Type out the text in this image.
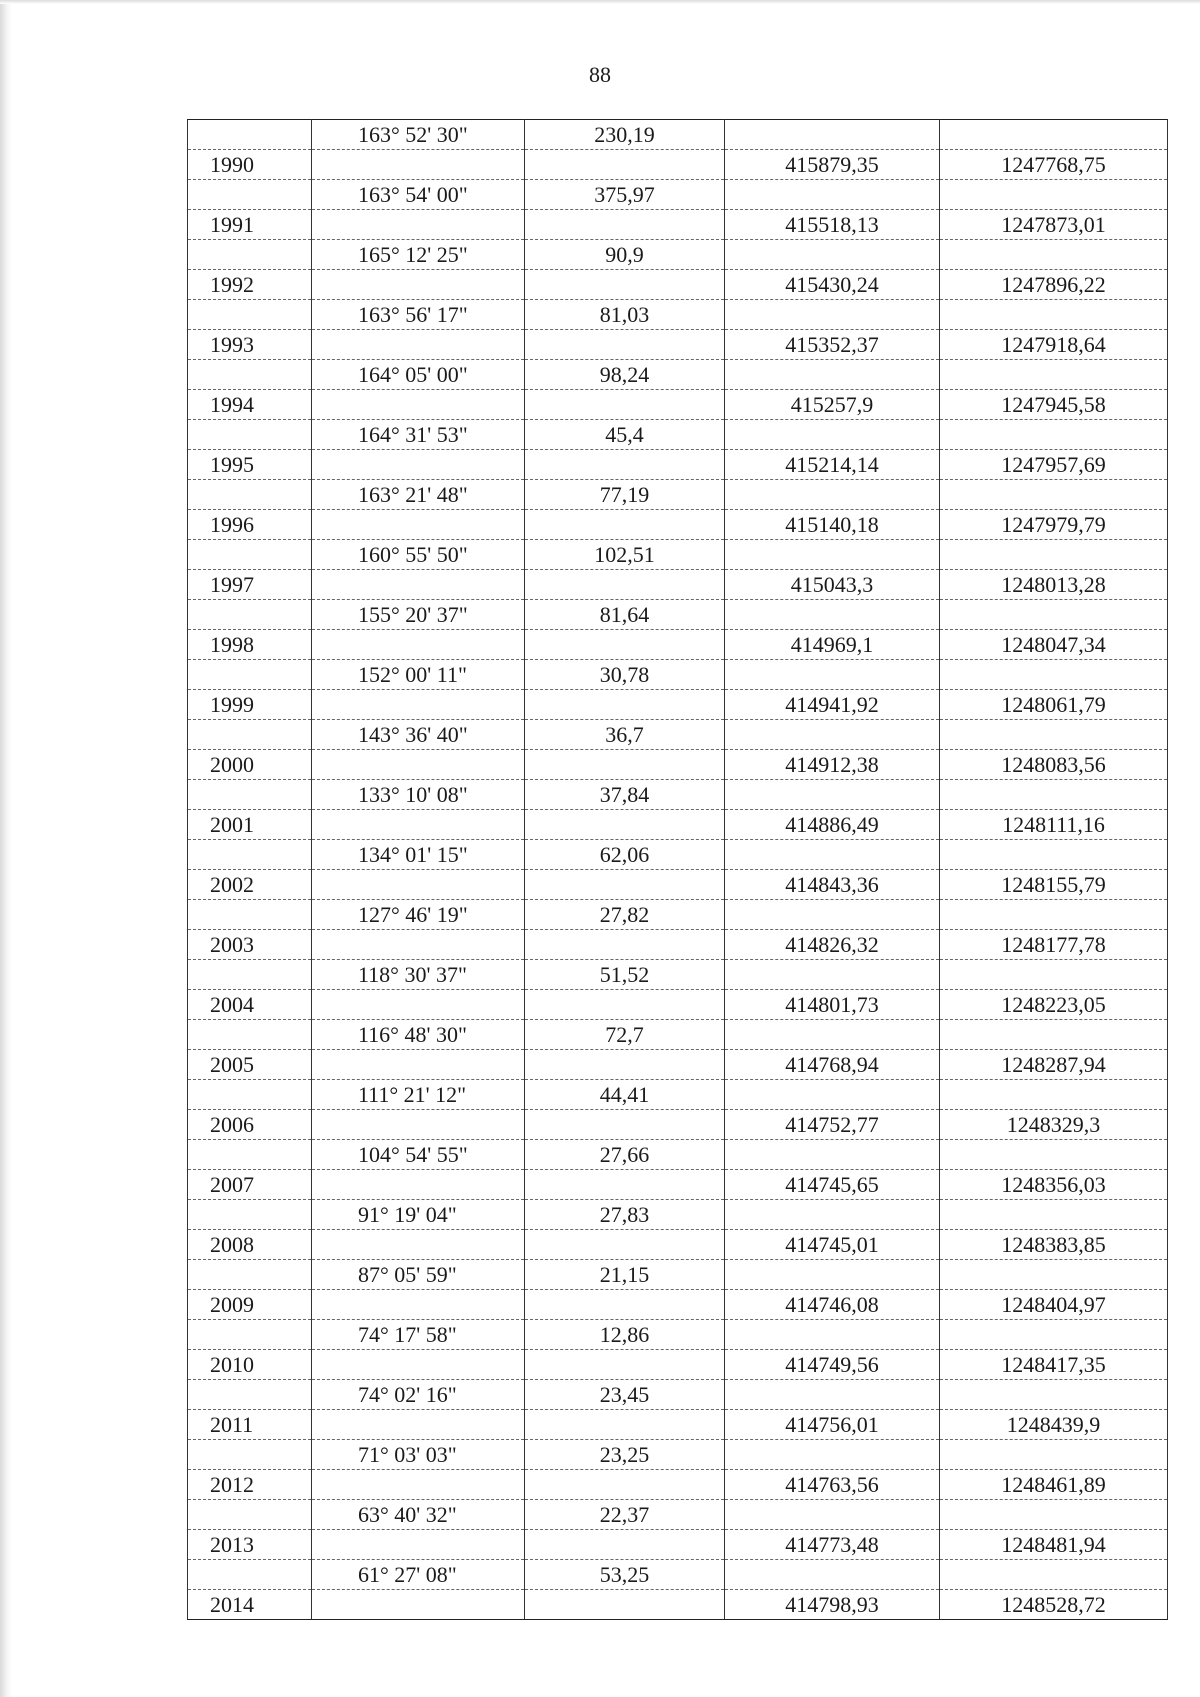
88
	163° 52' 30"	230,19		
1990			415879,35	1247768,75
	163° 54' 00"	375,97		
1991			415518,13	1247873,01
	165° 12' 25"	90,9		
1992			415430,24	1247896,22
	163° 56' 17"	81,03		
1993			415352,37	1247918,64
	164° 05' 00"	98,24		
1994			415257,9	1247945,58
	164° 31' 53"	45,4		
1995			415214,14	1247957,69
	163° 21' 48"	77,19		
1996			415140,18	1247979,79
	160° 55' 50"	102,51		
1997			415043,3	1248013,28
	155° 20' 37"	81,64		
1998			414969,1	1248047,34
	152° 00' 11"	30,78		
1999			414941,92	1248061,79
	143° 36' 40"	36,7		
2000			414912,38	1248083,56
	133° 10' 08"	37,84		
2001			414886,49	1248111,16
	134° 01' 15"	62,06		
2002			414843,36	1248155,79
	127° 46' 19"	27,82		
2003			414826,32	1248177,78
	118° 30' 37"	51,52		
2004			414801,73	1248223,05
	116° 48' 30"	72,7		
2005			414768,94	1248287,94
	111° 21' 12"	44,41		
2006			414752,77	1248329,3
	104° 54' 55"	27,66		
2007			414745,65	1248356,03
	91° 19' 04"	27,83		
2008			414745,01	1248383,85
	87° 05' 59"	21,15		
2009			414746,08	1248404,97
	74° 17' 58"	12,86		
2010			414749,56	1248417,35
	74° 02' 16"	23,45		
2011			414756,01	1248439,9
	71° 03' 03"	23,25		
2012			414763,56	1248461,89
	63° 40' 32"	22,37		
2013			414773,48	1248481,94
	61° 27' 08"	53,25		
2014			414798,93	1248528,72
